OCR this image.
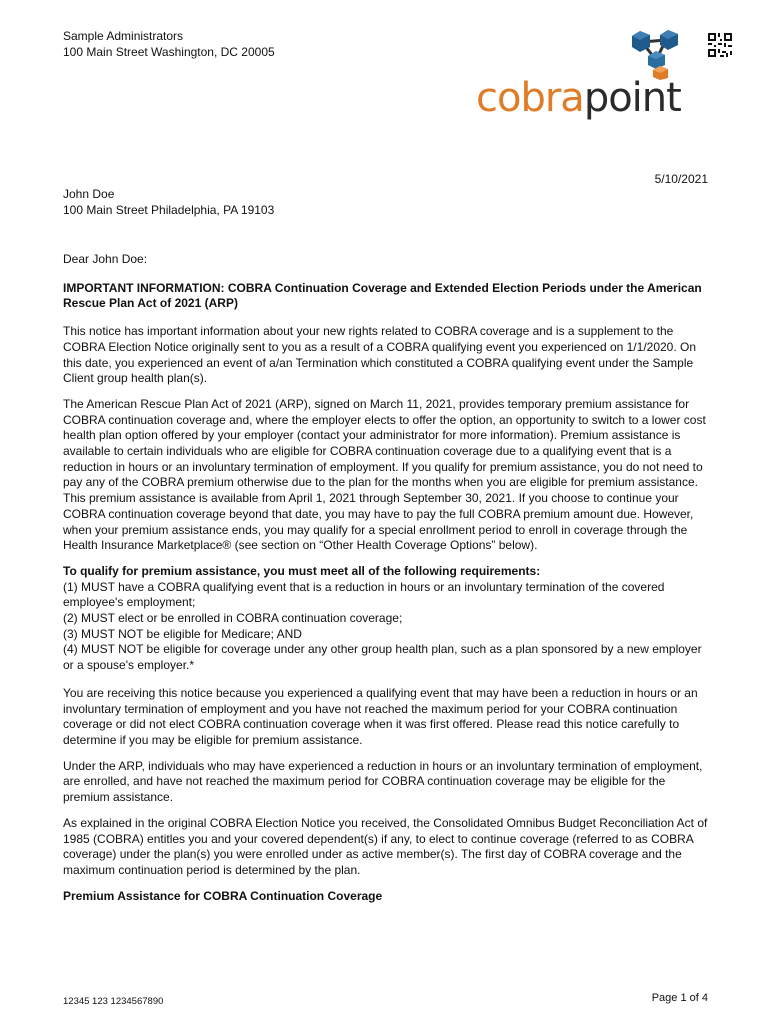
Sample Administrators
100 Main Street Washington, DC 20005
cobrapoint
5/10/2021
John Doe
100 Main Street Philadelphia, PA 19103

Dear John Doe:

IMPORTANT INFORMATION: COBRA Continuation Coverage and Extended Election Periods under the American Rescue Plan Act of 2021 (ARP)

This notice has important information about your new rights related to COBRA coverage and is a supplement to the COBRA Election Notice originally sent to you as a result of a COBRA qualifying event you experienced on 1/1/2020. On this date, you experienced an event of a/an Termination which constituted a COBRA qualifying event under the Sample Client group health plan(s).

The American Rescue Plan Act of 2021 (ARP), signed on March 11, 2021, provides temporary premium assistance for COBRA continuation coverage and, where the employer elects to offer the option, an opportunity to switch to a lower cost health plan option offered by your employer (contact your administrator for more information). Premium assistance is available to certain individuals who are eligible for COBRA continuation coverage due to a qualifying event that is a reduction in hours or an involuntary termination of employment. If you qualify for premium assistance, you do not need to pay any of the COBRA premium otherwise due to the plan for the months when you are eligible for premium assistance. This premium assistance is available from April 1, 2021 through September 30, 2021. If you choose to continue your COBRA continuation coverage beyond that date, you may have to pay the full COBRA premium amount due. However, when your premium assistance ends, you may qualify for a special enrollment period to enroll in coverage through the Health Insurance Marketplace® (see section on “Other Health Coverage Options” below).

To qualify for premium assistance, you must meet all of the following requirements:

(1) MUST have a COBRA qualifying event that is a reduction in hours or an involuntary termination of the covered employee's employment;

(2) MUST elect or be enrolled in COBRA continuation coverage;

(3) MUST NOT be eligible for Medicare; AND

(4) MUST NOT be eligible for coverage under any other group health plan, such as a plan sponsored by a new employer or a spouse's employer.*

You are receiving this notice because you experienced a qualifying event that may have been a reduction in hours or an involuntary termination of employment and you have not reached the maximum period for your COBRA continuation coverage or did not elect COBRA continuation coverage when it was first offered. Please read this notice carefully to determine if you may be eligible for premium assistance.

Under the ARP, individuals who may have experienced a reduction in hours or an involuntary termination of employment, are enrolled, and have not reached the maximum period for COBRA continuation coverage may be eligible for the premium assistance.

As explained in the original COBRA Election Notice you received, the Consolidated Omnibus Budget Reconciliation Act of 1985 (COBRA) entitles you and your covered dependent(s) if any, to elect to continue coverage (referred to as COBRA coverage) under the plan(s) you were enrolled under as active member(s). The first day of COBRA coverage and the maximum continuation period is determined by the plan.

Premium Assistance for COBRA Continuation Coverage

12345 123 1234567890	Page 1 of 4
